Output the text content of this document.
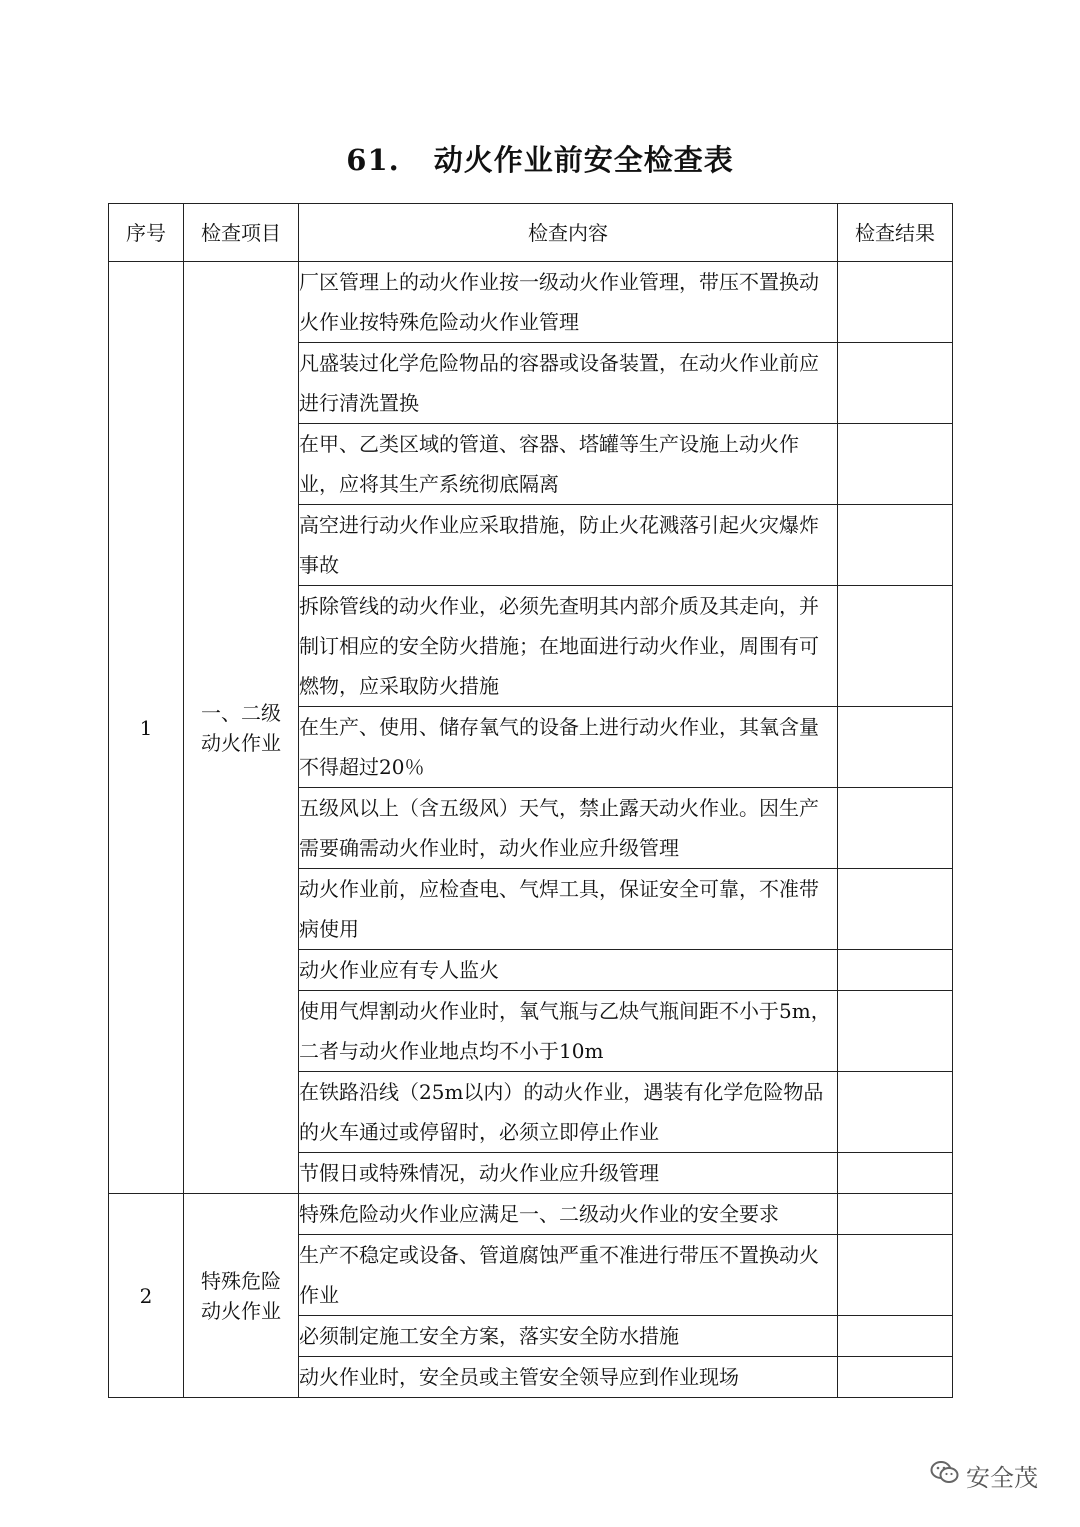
61. 动火作业前安全检查表
序号	检查项目	检查内容	检查结果
1	一、二级动火作业	厂区管理上的动火作业按一级动火作业管理，带压不置换动火作业按特殊危险动火作业管理	
		凡盛装过化学危险物品的容器或设备装置，在动火作业前应进行清洗置换	
		在甲、乙类区域的管道、容器、塔罐等生产设施上动火作业，应将其生产系统彻底隔离	
		高空进行动火作业应采取措施，防止火花溅落引起火灾爆炸事故	
		拆除管线的动火作业，必须先查明其内部介质及其走向，并制订相应的安全防火措施；在地面进行动火作业，周围有可燃物，应采取防火措施	
		在生产、使用、储存氧气的设备上进行动火作业，其氧含量不得超过20％	
		五级风以上（含五级风）天气，禁止露天动火作业。因生产需要确需动火作业时，动火作业应升级管理	
		动火作业前，应检查电、气焊工具，保证安全可靠，不准带病使用	
		动火作业应有专人监火	
		使用气焊割动火作业时，氧气瓶与乙炔气瓶间距不小于5m，二者与动火作业地点均不小于10m	
		在铁路沿线（25m以内）的动火作业，遇装有化学危险物品的火车通过或停留时，必须立即停止作业	
		节假日或特殊情况，动火作业应升级管理	
2	特殊危险动火作业	特殊危险动火作业应满足一、二级动火作业的安全要求	
		生产不稳定或设备、管道腐蚀严重不准进行带压不置换动火作业	
		必须制定施工安全方案，落实安全防水措施	
		动火作业时，安全员或主管安全领导应到作业现场	
安全茂
